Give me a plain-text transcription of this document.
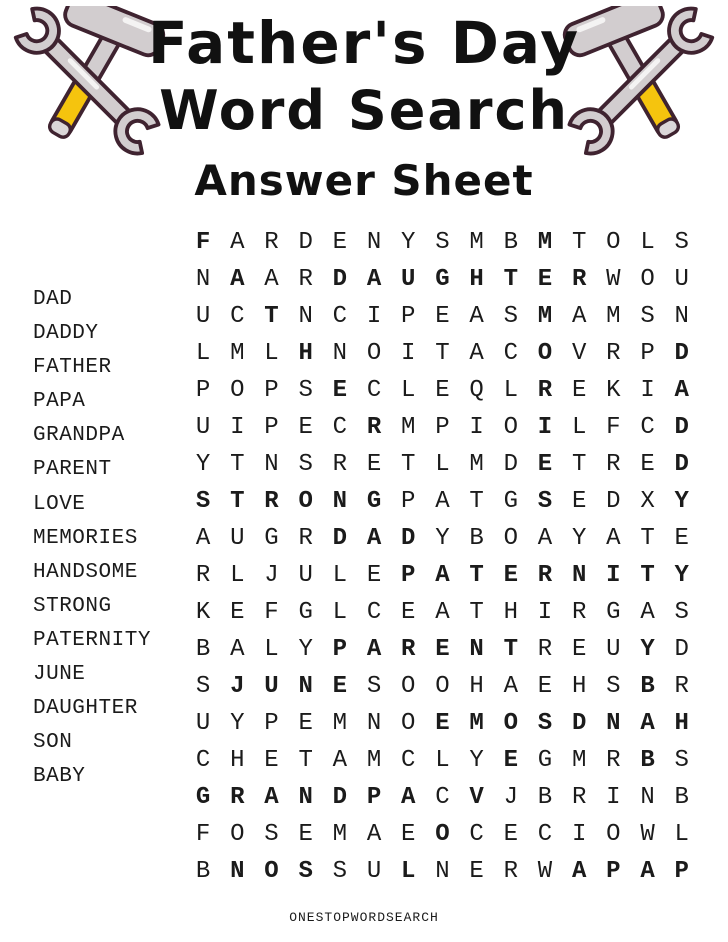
Father's Day
Word Search
Answer Sheet
DAD
DADDY
FATHER
PAPA
GRANDPA
PARENT
LOVE
MEMORIES
HANDSOME
STRONG
PATERNITY
JUNE
DAUGHTER
SON
BABY
F A R D E N Y S M B M T O L S
N A A R D A U G H T E R W O U
U C T N C I P E A S M A M S N
L M L H N O I T A C O V R P D
P O P S E C L E Q L R E K I A
U I P E C R M P I O I L F C D
Y T N S R E T L M D E T R E D
S T R O N G P A T G S E D X Y
A U G R D A D Y B O A Y A T E
R L J U L E P A T E R N I T Y
K E F G L C E A T H I R G A S
B A L Y P A R E N T R E U Y D
S J U N E S O O H A E H S B R
U Y P E M N O E M O S D N A H
C H E T A M C L Y E G M R B S
G R A N D P A C V J B R I N B
F O S E M A E O C E C I O W L
B N O S S U L N E R W A P A P
ONESTOPWORDSEARCH
